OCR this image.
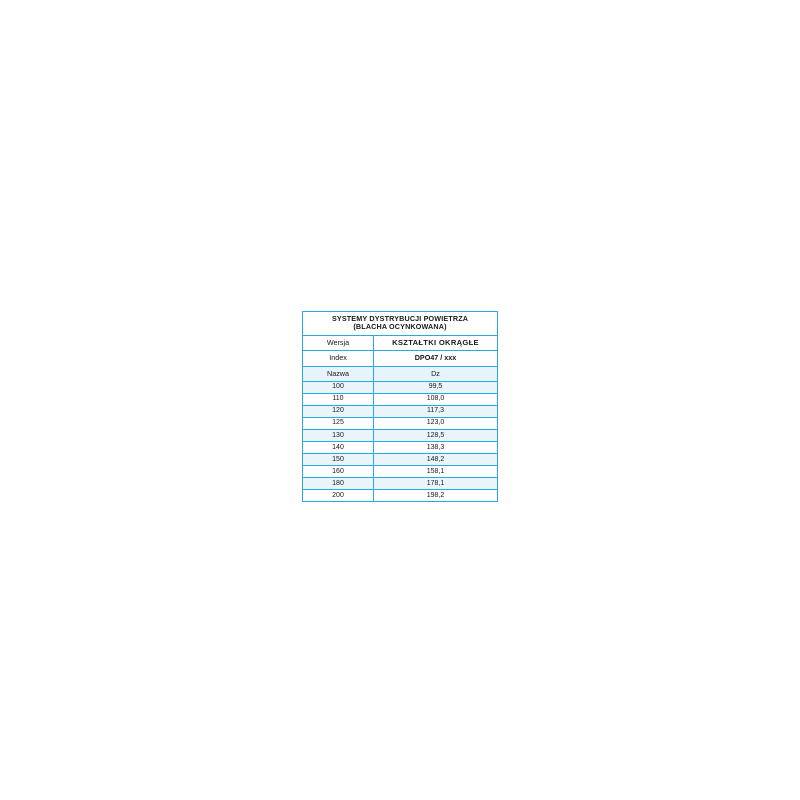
SYSTEMY DYSTRYBUCJI POWIETRZA
(BLACHA OCYNKOWANA)	

Wersja	KSZTAŁTKI OKRĄGŁE
Index	DPO47 / xxx
Nazwa	Dz
100	99,5
110	108,0
120	117,3
125	123,0
130	128,5
140	138,3
150	148,2
160	158,1
180	178,1
200	198,2
